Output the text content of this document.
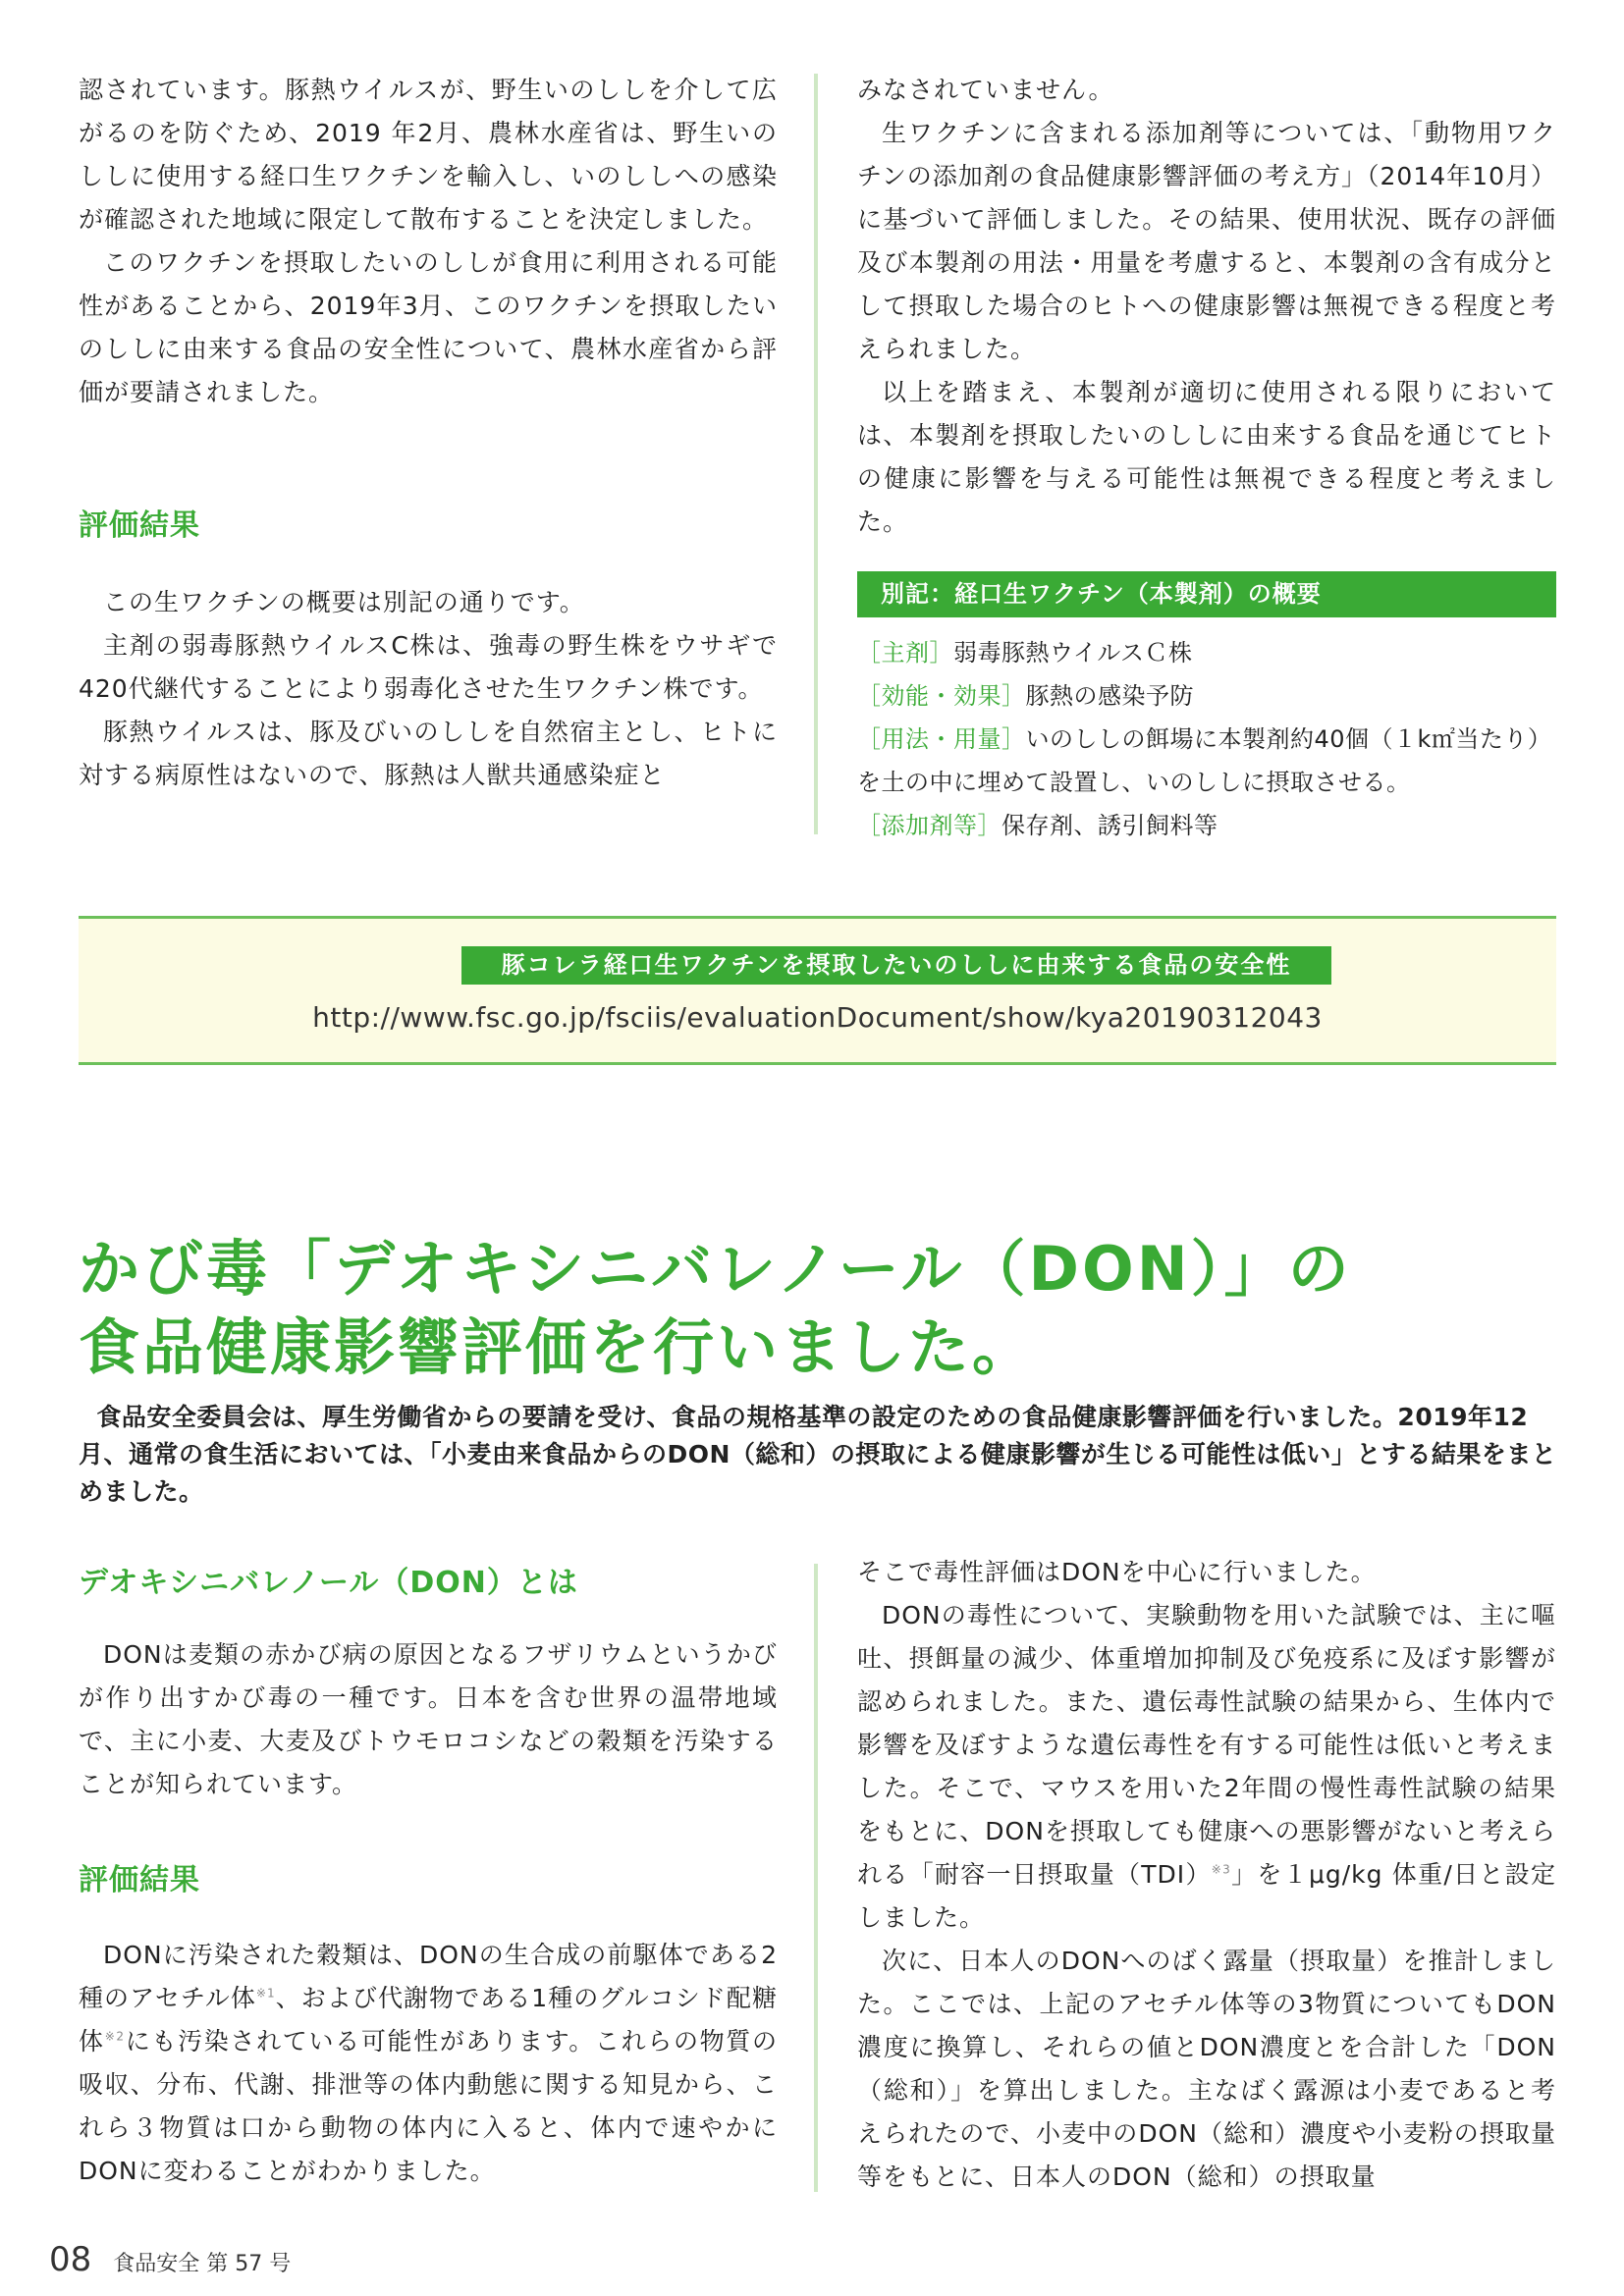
認されています。豚熱ウイルスが、野生いのししを介して広がるのを防ぐため、2019 年2月、農林水産省は、野生いのししに使用する経口生ワクチンを輸入し、いのししへの感染が確認された地域に限定して散布することを決定しました。

このワクチンを摂取したいのししが食用に利用される可能性があることから、2019年3月、このワクチンを摂取したいのししに由来する食品の安全性について、農林水産省から評価が要請されました。

評価結果

この生ワクチンの概要は別記の通りです。

主剤の弱毒豚熱ウイルスC株は、強毒の野生株をウサギで420代継代することにより弱毒化させた生ワクチン株です。

豚熱ウイルスは、豚及びいのししを自然宿主とし、ヒトに対する病原性はないので、豚熱は人獣共通感染症と

みなされていません。

生ワクチンに含まれる添加剤等については、「動物用ワクチンの添加剤の食品健康影響評価の考え方」（2014年10月）に基づいて評価しました。その結果、使用状況、既存の評価及び本製剤の用法・用量を考慮すると、本製剤の含有成分として摂取した場合のヒトへの健康影響は無視できる程度と考えられました。

以上を踏まえ、本製剤が適切に使用される限りにおいては、本製剤を摂取したいのししに由来する食品を通じてヒトの健康に影響を与える可能性は無視できる程度と考えました。

別記：経口生ワクチン（本製剤）の概要

［主剤］弱毒豚熱ウイルスＣ株

［効能・効果］豚熱の感染予防

［用法・用量］いのししの餌場に本製剤約40個（１k㎡当たり）を土の中に埋めて設置し、いのししに摂取させる。

［添加剤等］保存剤、誘引飼料等

豚コレラ経口生ワクチンを摂取したいのししに由来する食品の安全性
http://www.fsc.go.jp/fsciis/evaluationDocument/show/kya20190312043
かび毒「デオキシニバレノール（DON）」の
食品健康影響評価を行いました。

食品安全委員会は、厚生労働省からの要請を受け、食品の規格基準の設定のための食品健康影響評価を行いました。2019年12月、通常の食生活においては、「小麦由来食品からのDON（総和）の摂取による健康影響が生じる可能性は低い」とする結果をまとめました。

デオキシニバレノール（DON）とは

DONは麦類の赤かび病の原因となるフザリウムというかびが作り出すかび毒の一種です。日本を含む世界の温帯地域で、主に小麦、大麦及びトウモロコシなどの穀類を汚染することが知られています。

評価結果

DONに汚染された穀類は、DONの生合成の前駆体である2種のアセチル体$^{※1}$、および代謝物である1種のグルコシド配糖体$^{※2}$にも汚染されている可能性があります。これらの物質の吸収、分布、代謝、排泄等の体内動態に関する知見から、これら３物質は口から動物の体内に入ると、体内で速やかにDONに変わることがわかりました。

そこで毒性評価はDONを中心に行いました。

DONの毒性について、実験動物を用いた試験では、主に嘔吐、摂餌量の減少、体重増加抑制及び免疫系に及ぼす影響が認められました。また、遺伝毒性試験の結果から、生体内で影響を及ぼすような遺伝毒性を有する可能性は低いと考えました。そこで、マウスを用いた2年間の慢性毒性試験の結果をもとに、DONを摂取しても健康への悪影響がないと考えられる「耐容一日摂取量（TDI）$^{※3}$」を１μg/kg 体重/日と設定しました。

次に、日本人のDONへのばく露量（摂取量）を推計しました。ここでは、上記のアセチル体等の3物質についてもDON濃度に換算し、それらの値とDON濃度とを合計した「DON（総和）」を算出しました。主なばく露源は小麦であると考えられたので、小麦中のDON（総和）濃度や小麦粉の摂取量等をもとに、日本人のDON（総和）の摂取量

08 食品安全 第 57 号
